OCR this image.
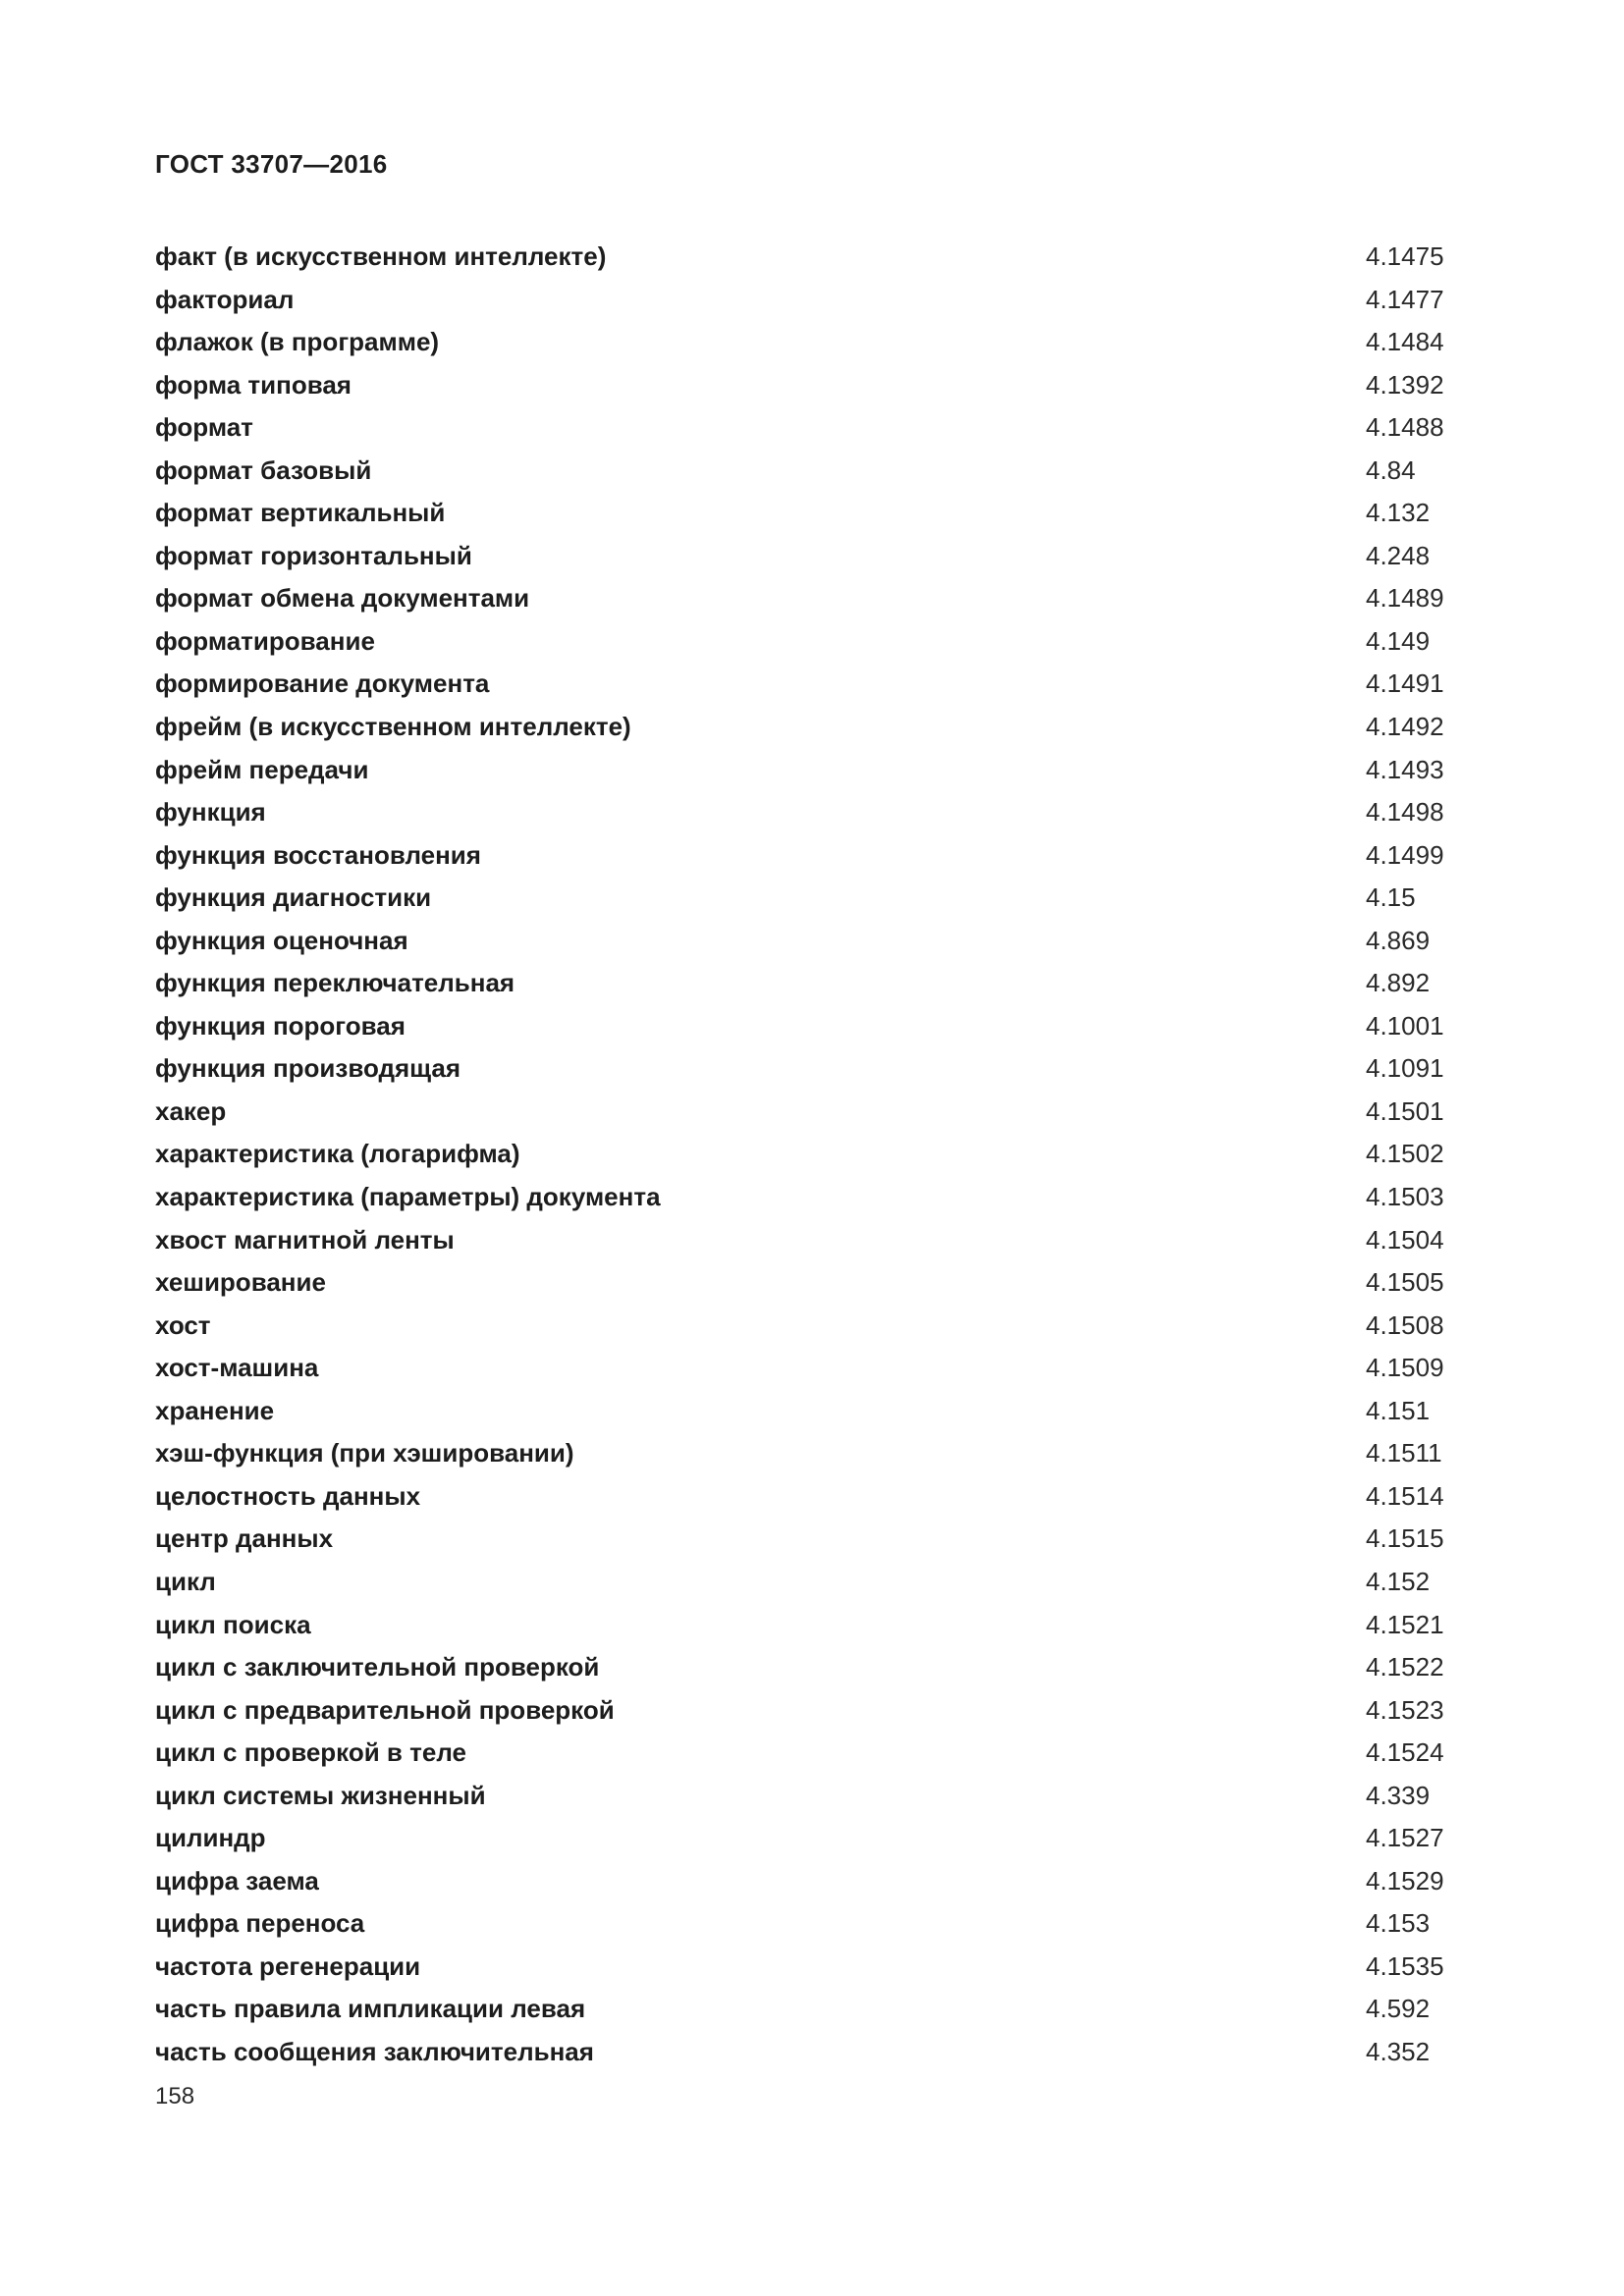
ГОСТ 33707—2016
факт (в искусственном интеллекте)	4.1475
факториал	4.1477
флажок (в программе)	4.1484
форма типовая	4.1392
формат	4.1488
формат базовый	4.84
формат вертикальный	4.132
формат горизонтальный	4.248
формат обмена документами	4.1489
форматирование	4.149
формирование документа	4.1491
фрейм (в искусственном интеллекте)	4.1492
фрейм передачи	4.1493
функция	4.1498
функция восстановления	4.1499
функция диагностики	4.15
функция оценочная	4.869
функция переключательная	4.892
функция пороговая	4.1001
функция производящая	4.1091
хакер	4.1501
характеристика (логарифма)	4.1502
характеристика (параметры) документа	4.1503
хвост магнитной ленты	4.1504
хеширование	4.1505
хост	4.1508
хост-машина	4.1509
хранение	4.151
хэш-функция (при хэшировании)	4.1511
целостность данных	4.1514
центр данных	4.1515
цикл	4.152
цикл поиска	4.1521
цикл с заключительной проверкой	4.1522
цикл с предварительной проверкой	4.1523
цикл с проверкой в теле	4.1524
цикл системы жизненный	4.339
цилиндр	4.1527
цифра заема	4.1529
цифра переноса	4.153
частота регенерации	4.1535
часть правила импликации левая	4.592
часть сообщения заключительная	4.352
158
